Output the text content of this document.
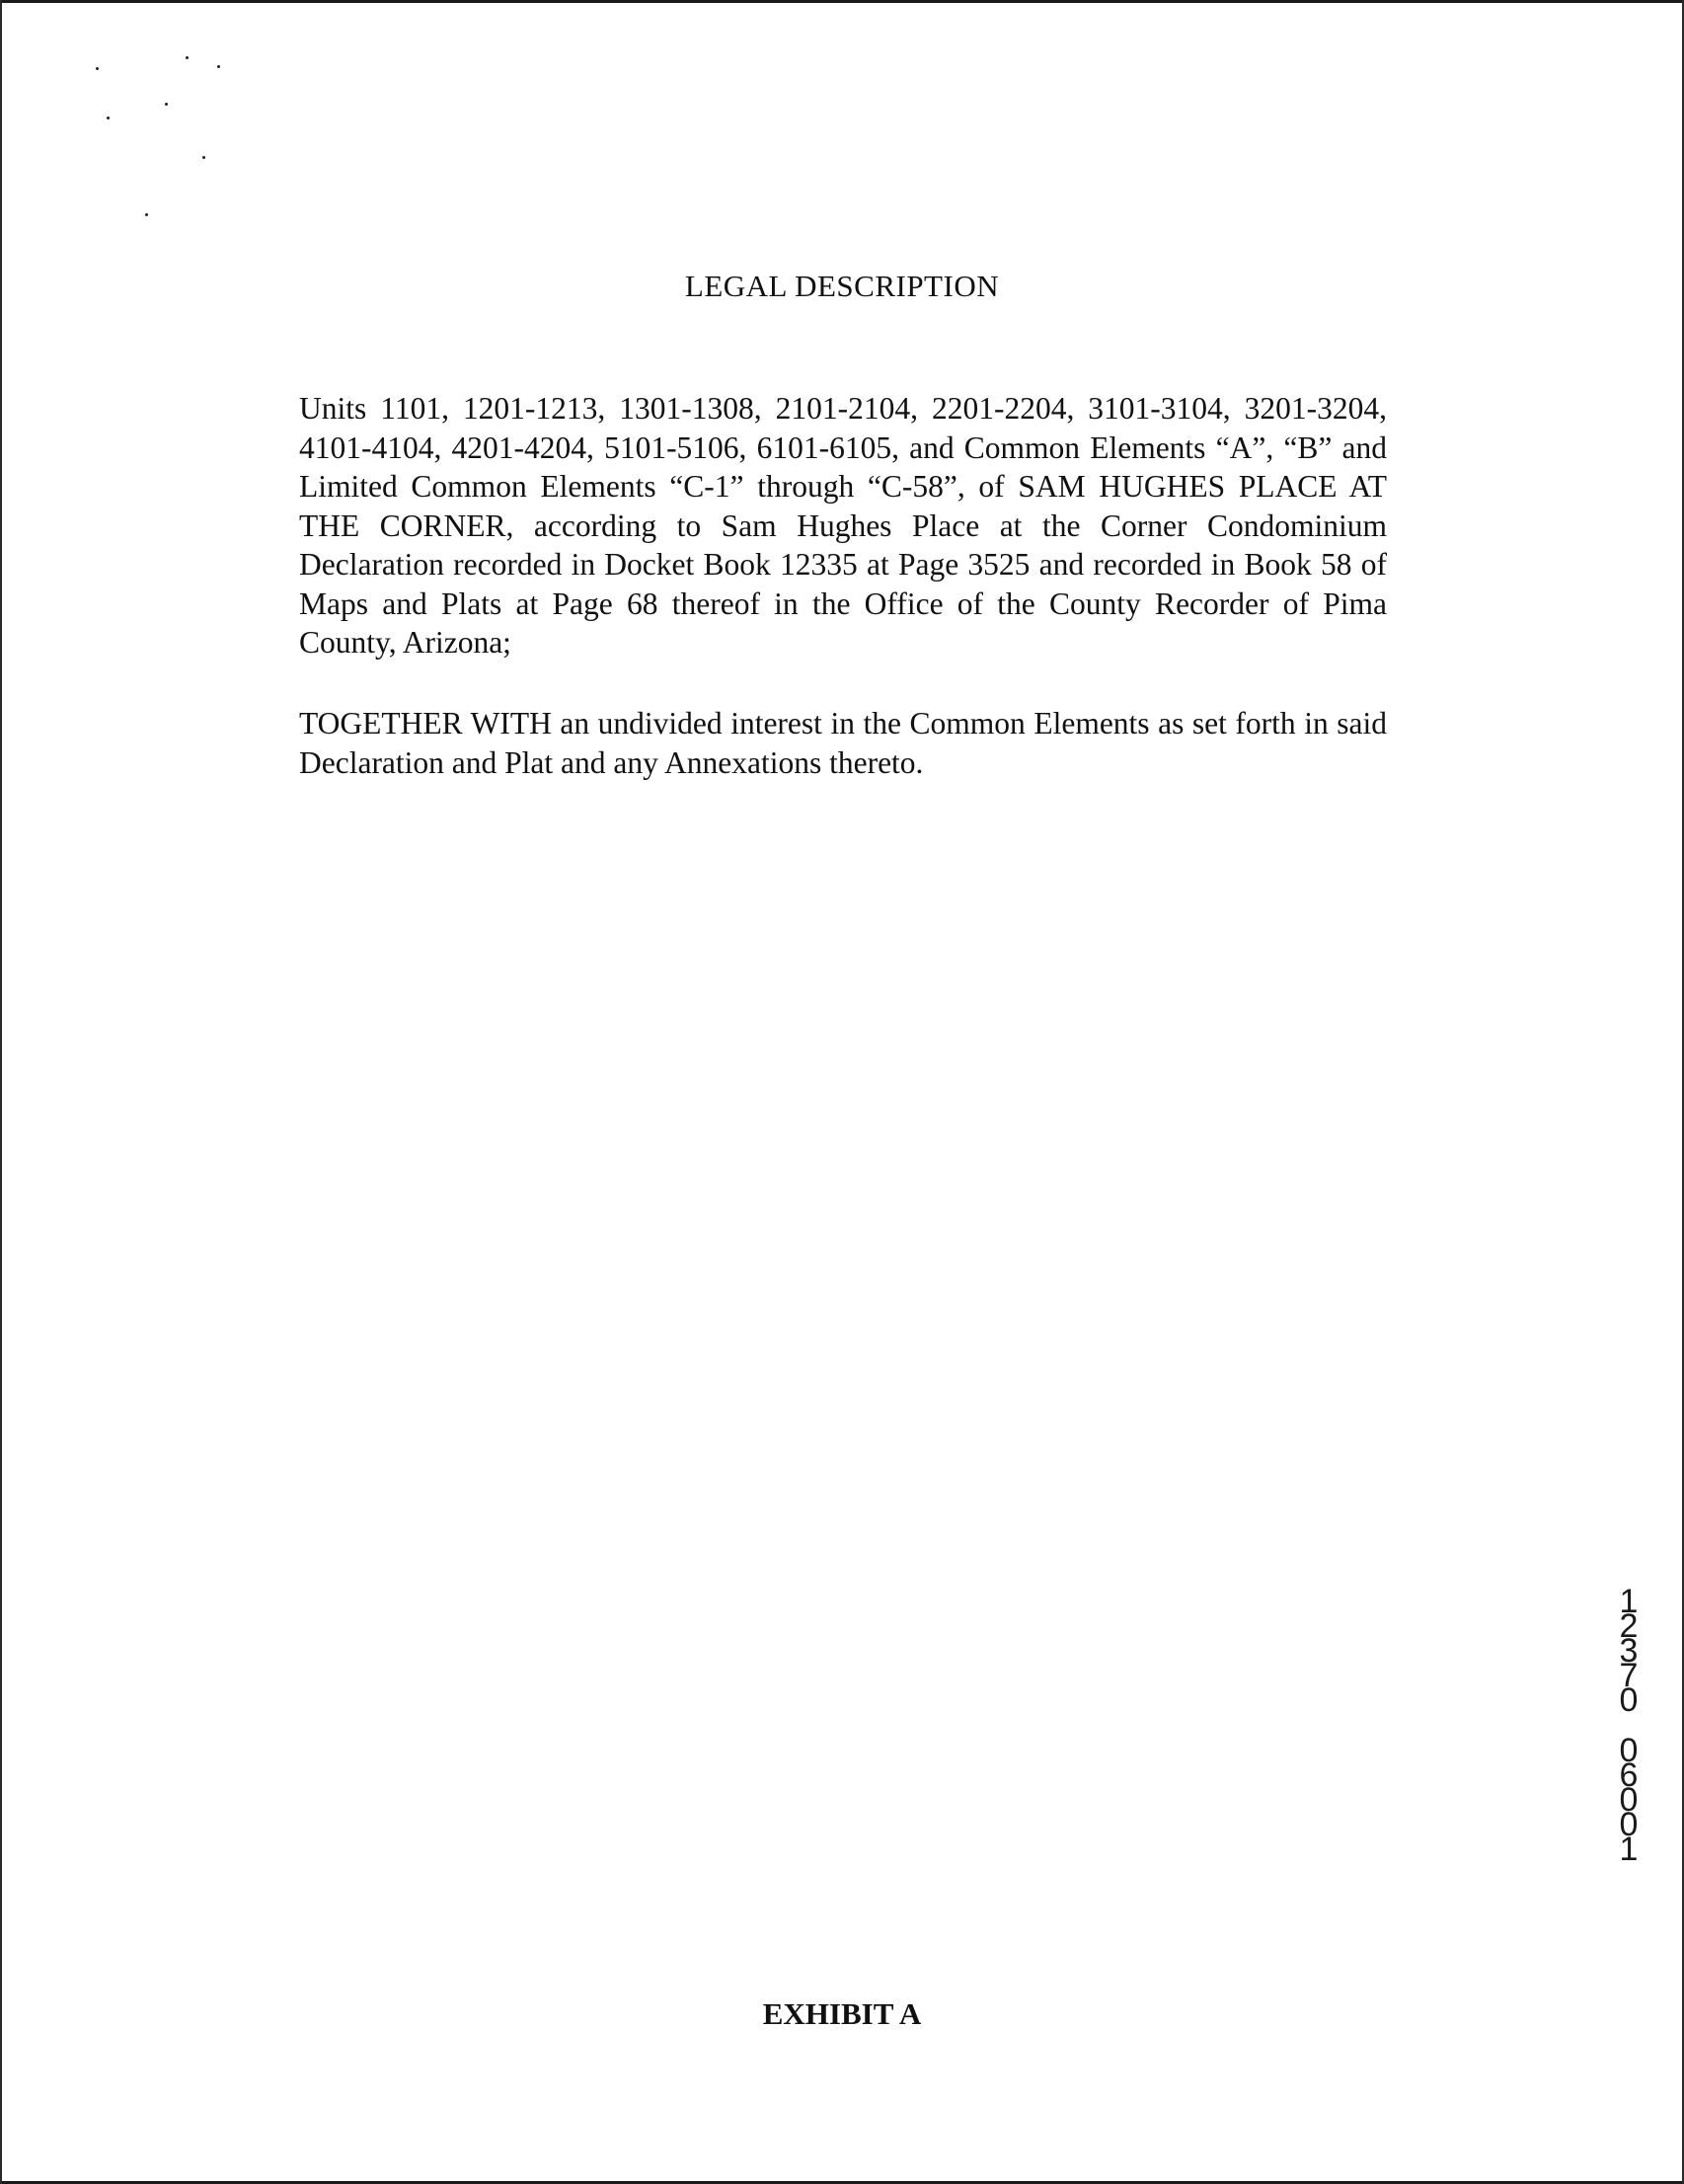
LEGAL DESCRIPTION
Units 1101, 1201-1213, 1301-1308, 2101-2104, 2201-2204, 3101-3104, 3201-3204, 4101-4104, 4201-4204, 5101-5106, 6101-6105, and Common Elements “A”, “B” and Limited Common Elements “C-1” through “C-58”, of SAM HUGHES PLACE AT THE CORNER, according to Sam Hughes Place at the Corner Condominium Declaration recorded in Docket Book 12335 at Page 3525 and recorded in Book 58 of Maps and Plats at Page 68 thereof in the Office of the County Recorder of Pima County, Arizona;
TOGETHER WITH an undivided interest in the Common Elements as set forth in said Declaration and Plat and any Annexations thereto.
12370
06001
EXHIBIT A
